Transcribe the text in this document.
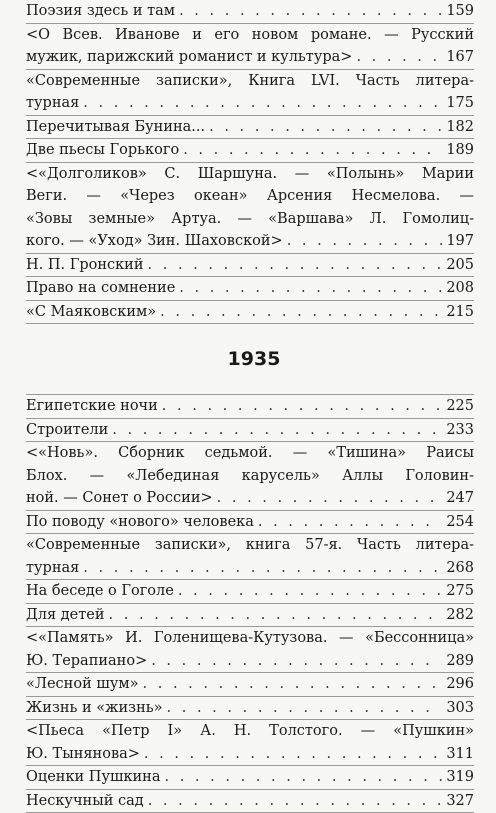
Поэзия здесь и там . . .	159
<О Всев. Иванове и его новом романе. — Русский
мужик, парижский романист и культура> . . .	167
«Современные записки», Книга LVI. Часть литера-
турная . . .	175
Перечитывая Бунина... . . .	182
Две пьесы Горького . . .	189
<«Долголиков» С. Шаршуна. — «Полынь» Марии
Веги. — «Через океан» Арсения Несмелова. —
«Зовы земные» Артуа. — «Варшава» Л. Гомолиц-
кого. — «Уход» Зин. Шаховской> . . .	197
Н. П. Гронский . . .	205
Право на сомнение . . .	208
«С Маяковским» . . .	215
1935
Египетские ночи . . .	225
Строители . . .	233
<«Новь». Сборник седьмой. — «Тишина» Раисы
Блох. — «Лебединая карусель» Аллы Головин-
ной. — Сонет о России> . . .	247
По поводу «нового» человека . . .	254
«Современные записки», книга 57-я. Часть литера-
турная . . .	268
На беседе о Гоголе . . .	275
Для детей . . .	282
<«Память» И. Голенищева-Кутузова. — «Бессонница»
Ю. Терапиано> . . .	289
«Лесной шум» . . .	296
Жизнь и «жизнь» . . .	303
<Пьеса «Петр I» А. Н. Толстого. — «Пушкин»
Ю. Тынянова> . . .	311
Оценки Пушкина . . .	319
Нескучный сад . . .	327
